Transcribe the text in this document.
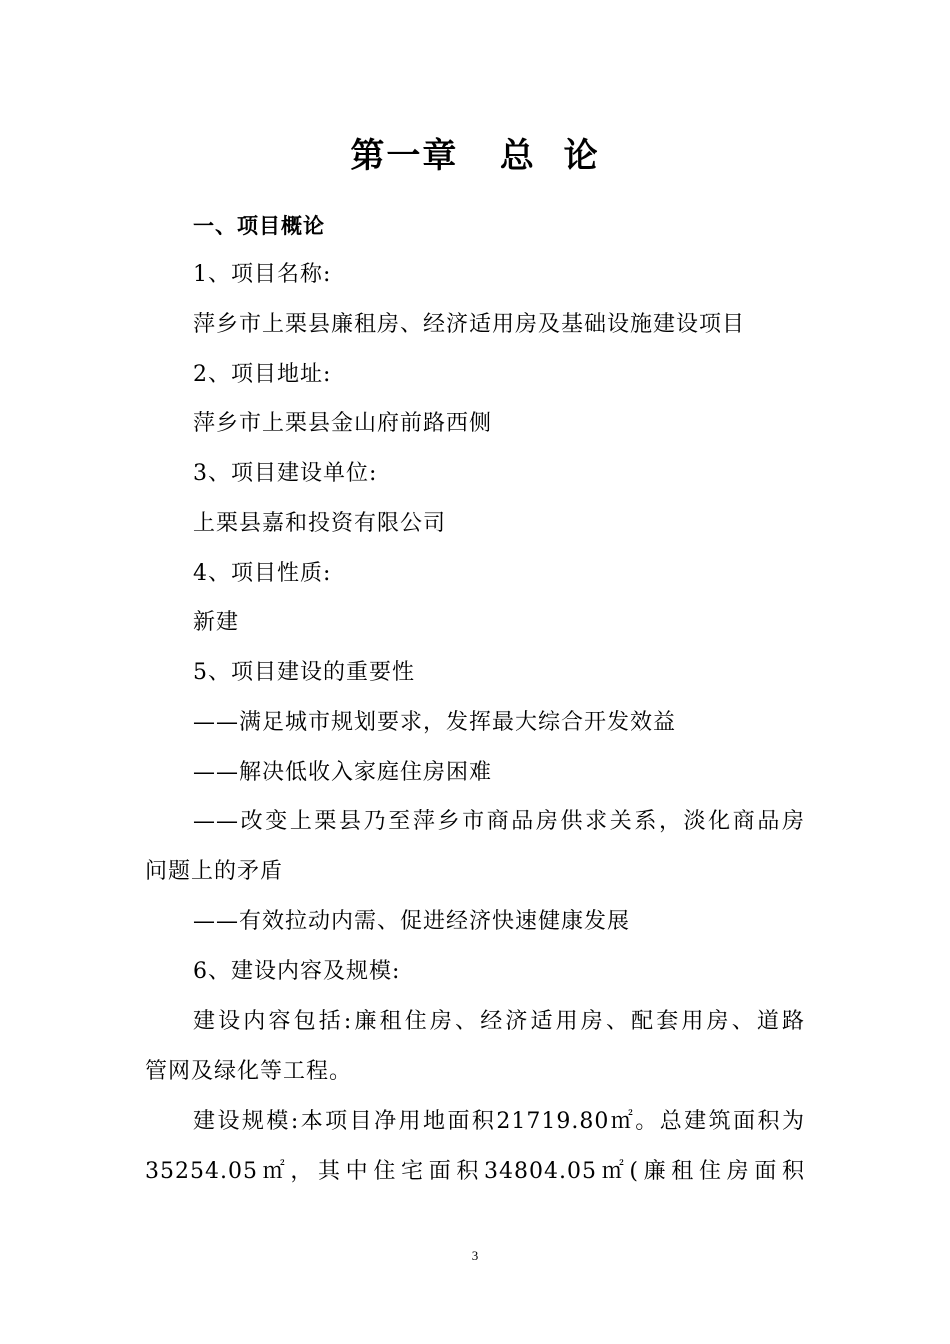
第一章   总  论
一、项目概论
1、项目名称:
萍乡市上栗县廉租房、经济适用房及基础设施建设项目
2、项目地址:
萍乡市上栗县金山府前路西侧
3、项目建设单位:
上栗县嘉和投资有限公司
4、项目性质:
新建
5、项目建设的重要性
——满足城市规划要求，发挥最大综合开发效益
——解决低收入家庭住房困难
——改变上栗县乃至萍乡市商品房供求关系，淡化商品房
问题上的矛盾
——有效拉动内需、促进经济快速健康发展
6、建设内容及规模:
建设内容包括:廉租住房、经济适用房、配套用房、道路
管网及绿化等工程。
建设规模:本项目净用地面积21719.80㎡。总建筑面积为
35254.05㎡，其中住宅面积34804.05㎡(廉租住房面积
3
